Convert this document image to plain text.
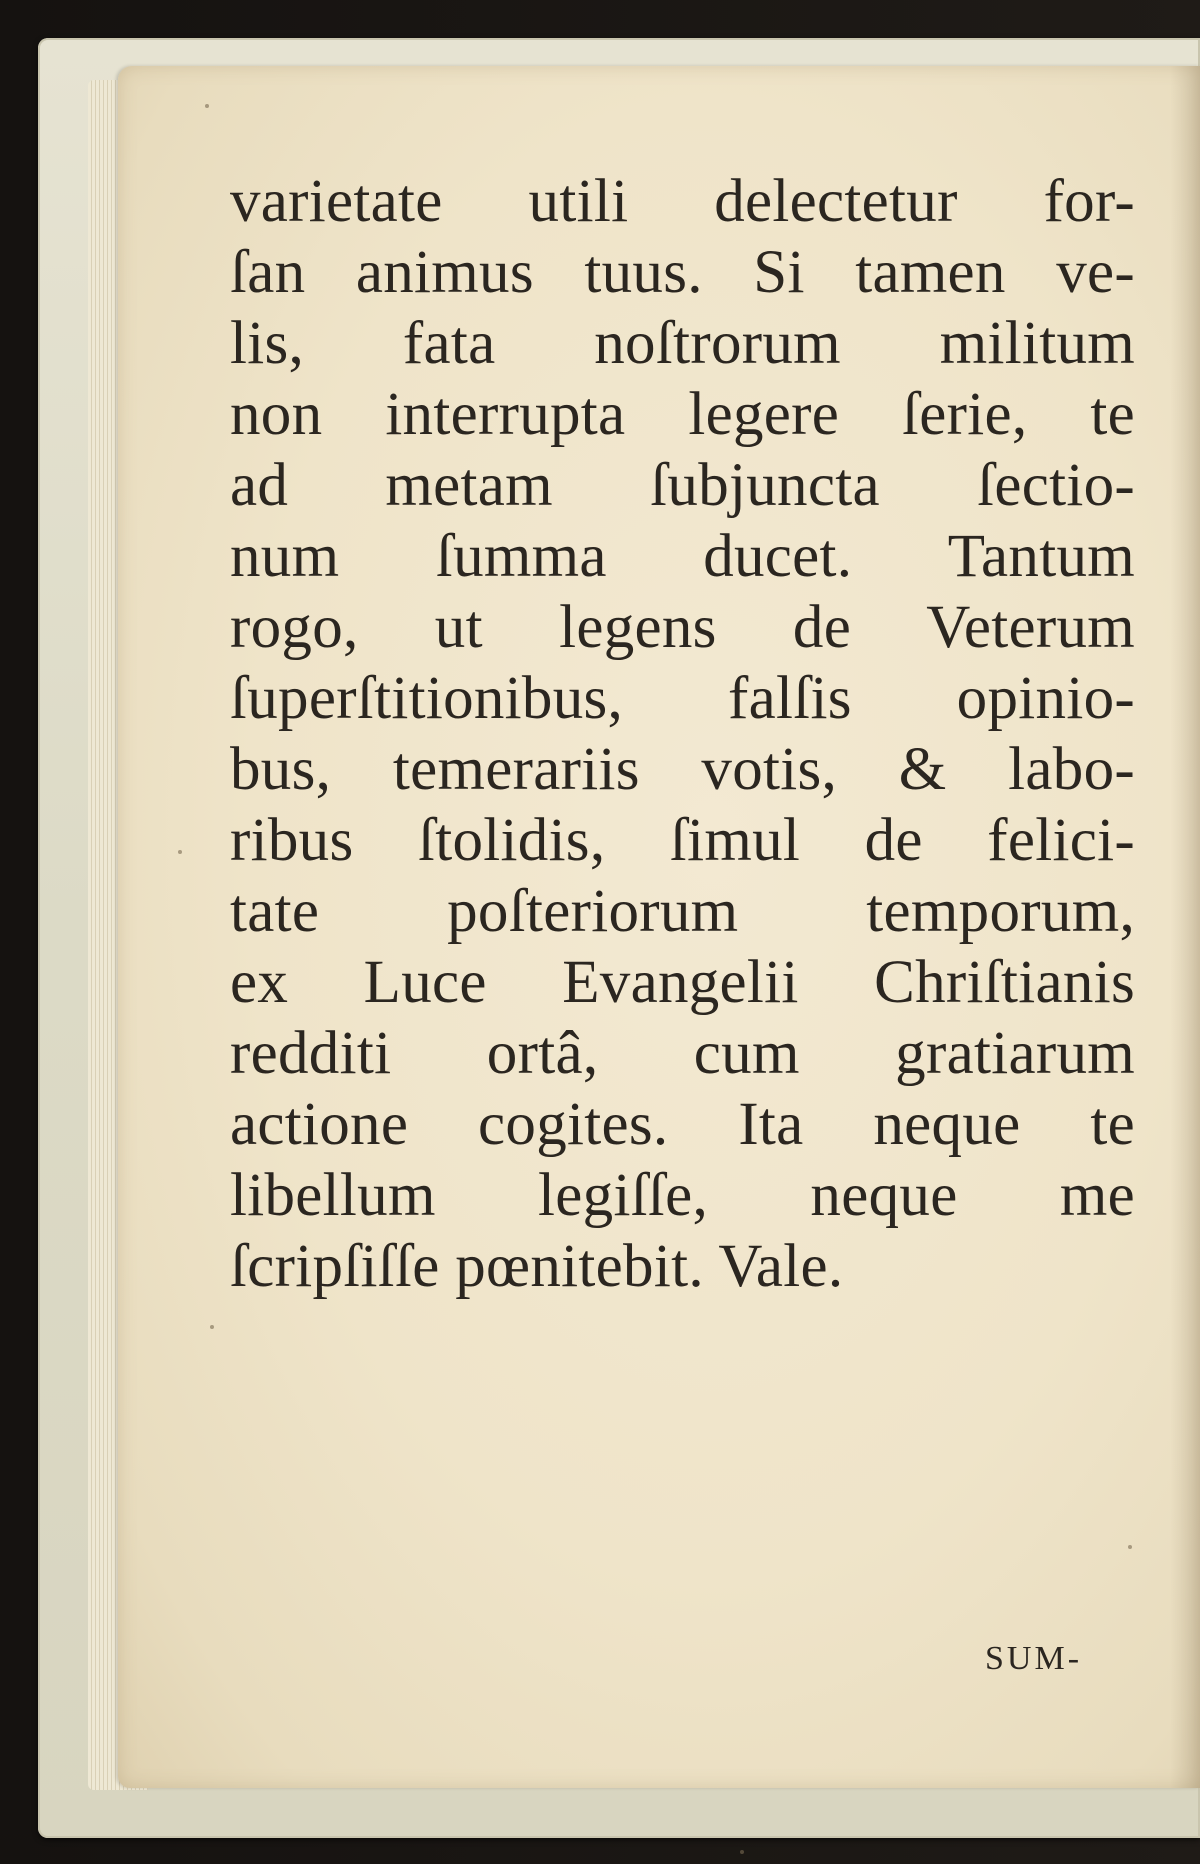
varietate utili delectetur for-
ſan animus tuus. Si tamen ve-
lis, fata noſtrorum militum
non interrupta legere ſerie, te
ad metam ſubjuncta ſectio-
num ſumma ducet. Tantum
rogo, ut legens de Veterum
ſuperſtitionibus, falſis opinio-
bus, temerariis votis, & labo-
ribus ſtolidis, ſimul de felici-
tate poſteriorum temporum,
ex Luce Evangelii Chriſtianis
redditi ortâ, cum gratiarum
actione cogites. Ita neque te
libellum legiſſe, neque me
ſcripſiſſe pœnitebit. Vale.
SUM-
